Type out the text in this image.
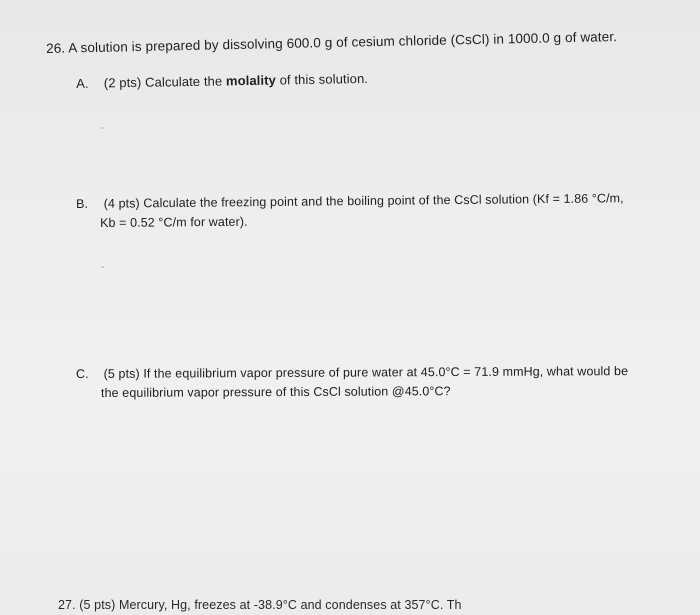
26. A solution is prepared by dissolving 600.0 g of cesium chloride (CsCl) in 1000.0 g of water.
A. (2 pts) Calculate the molality of this solution.
B. (4 pts) Calculate the freezing point and the boiling point of the CsCl solution (Kf = 1.86 °C/m,
Kb = 0.52 °C/m for water).
C. (5 pts) If the equilibrium vapor pressure of pure water at 45.0°C = 71.9 mmHg, what would be
the equilibrium vapor pressure of this CsCl solution @45.0°C?
27. (5 pts) Mercury, Hg, freezes at -38.9°C and condenses at 357°C. Th
